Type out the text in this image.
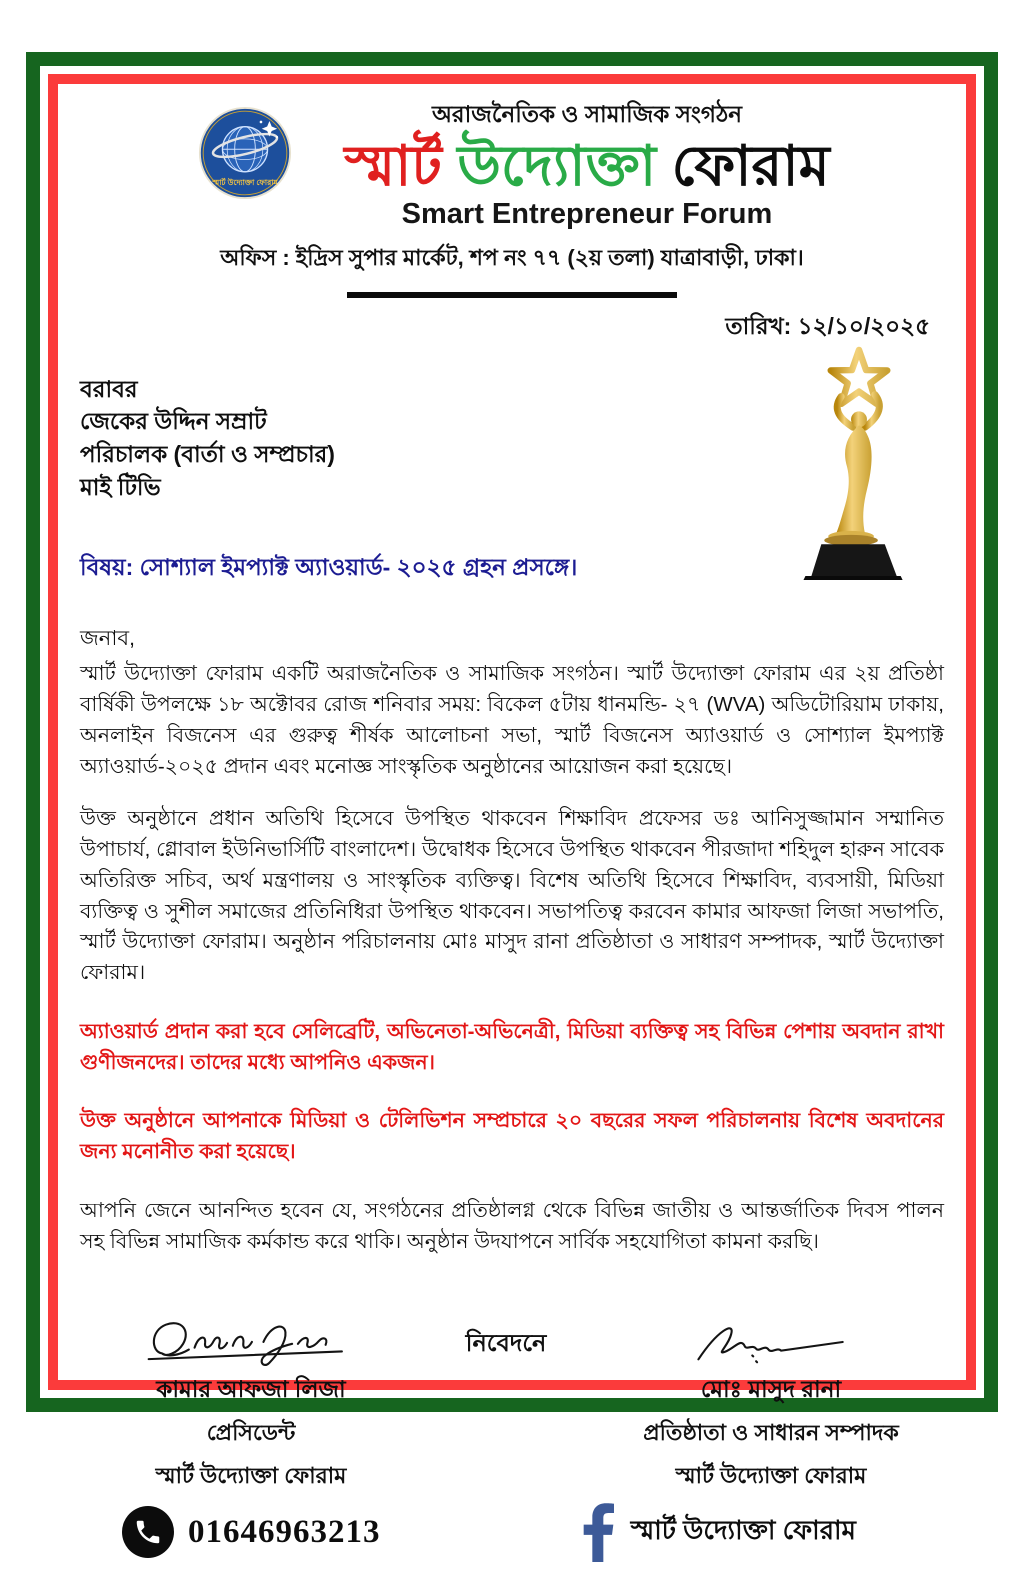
স্মার্ট উদ্যোক্তা ফোরাম
অরাজনৈতিক ও সামাজিক সংগঠন
স্মার্ট উদ্যোক্তা ফোরাম
Smart Entrepreneur Forum
অফিস : ইদ্রিস সুপার মার্কেট, শপ নং ৭৭ (২য় তলা) যাত্রাবাড়ী, ঢাকা।
তারিখ: ১২/১০/২০২৫
বরাবর
জেকের উদ্দিন সম্রাট
পরিচালক (বার্তা ও সম্প্রচার)
মাই টিভি
বিষয়: সোশ্যাল ইমপ্যাক্ট অ্যাওয়ার্ড- ২০২৫ গ্রহন প্রসঙ্গে।
জনাব,

স্মার্ট উদ্যোক্তা ফোরাম একটি অরাজনৈতিক ও সামাজিক সংগঠন। স্মার্ট উদ্যোক্তা ফোরাম এর ২য় প্রতিষ্ঠা বার্ষিকী উপলক্ষে ১৮ অক্টোবর রোজ শনিবার সময়: বিকেল ৫টায় ধানমন্ডি- ২৭ (WVA) অডিটোরিয়াম ঢাকায়, অনলাইন বিজনেস এর গুরুত্ব শীর্ষক আলোচনা সভা, স্মার্ট বিজনেস অ্যাওয়ার্ড ও সোশ্যাল ইমপ্যাক্ট অ্যাওয়ার্ড-২০২৫ প্রদান এবং মনোজ্ঞ সাংস্কৃতিক অনুষ্ঠানের আয়োজন করা হয়েছে।

উক্ত অনুষ্ঠানে প্রধান অতিথি হিসেবে উপস্থিত থাকবেন শিক্ষাবিদ প্রফেসর ডঃ আনিসুজ্জামান সম্মানিত উপাচার্য, গ্লোবাল ইউনিভার্সিটি বাংলাদেশ। উদ্বোধক হিসেবে উপস্থিত থাকবেন পীরজাদা শহিদুল হারুন সাবেক অতিরিক্ত সচিব, অর্থ মন্ত্রণালয় ও সাংস্কৃতিক ব্যক্তিত্ব। বিশেষ অতিথি হিসেবে শিক্ষাবিদ, ব্যবসায়ী, মিডিয়া ব্যক্তিত্ব ও সুশীল সমাজের প্রতিনিধিরা উপস্থিত থাকবেন। সভাপতিত্ব করবেন কামার আফজা লিজা সভাপতি, স্মার্ট উদ্যোক্তা ফোরাম। অনুষ্ঠান পরিচালনায় মোঃ মাসুদ রানা প্রতিষ্ঠাতা ও সাধারণ সম্পাদক, স্মার্ট উদ্যোক্তা ফোরাম।

অ্যাওয়ার্ড প্রদান করা হবে সেলিব্রেটি, অভিনেতা-অভিনেত্রী, মিডিয়া ব্যক্তিত্ব সহ বিভিন্ন পেশায় অবদান রাখা গুণীজনদের। তাদের মধ্যে আপনিও একজন।

উক্ত অনুষ্ঠানে আপনাকে মিডিয়া ও টেলিভিশন সম্প্রচারে ২০ বছরের সফল পরিচালনায় বিশেষ অবদানের জন্য মনোনীত করা হয়েছে।

আপনি জেনে আনন্দিত হবেন যে, সংগঠনের প্রতিষ্ঠালগ্ন থেকে বিভিন্ন জাতীয় ও আন্তর্জাতিক দিবস পালন সহ বিভিন্ন সামাজিক কর্মকান্ড করে থাকি। অনুষ্ঠান উদযাপনে সার্বিক সহযোগিতা কামনা করছি।

কামার আফজা লিজা
প্রেসিডেন্ট
স্মার্ট উদ্যোক্তা ফোরাম
নিবেদনে
মোঃ মাসুদ রানা
প্রতিষ্ঠাতা ও সাধারন সম্পাদক
স্মার্ট উদ্যোক্তা ফোরাম
01646963213	স্মার্ট উদ্যোক্তা ফোরাম
